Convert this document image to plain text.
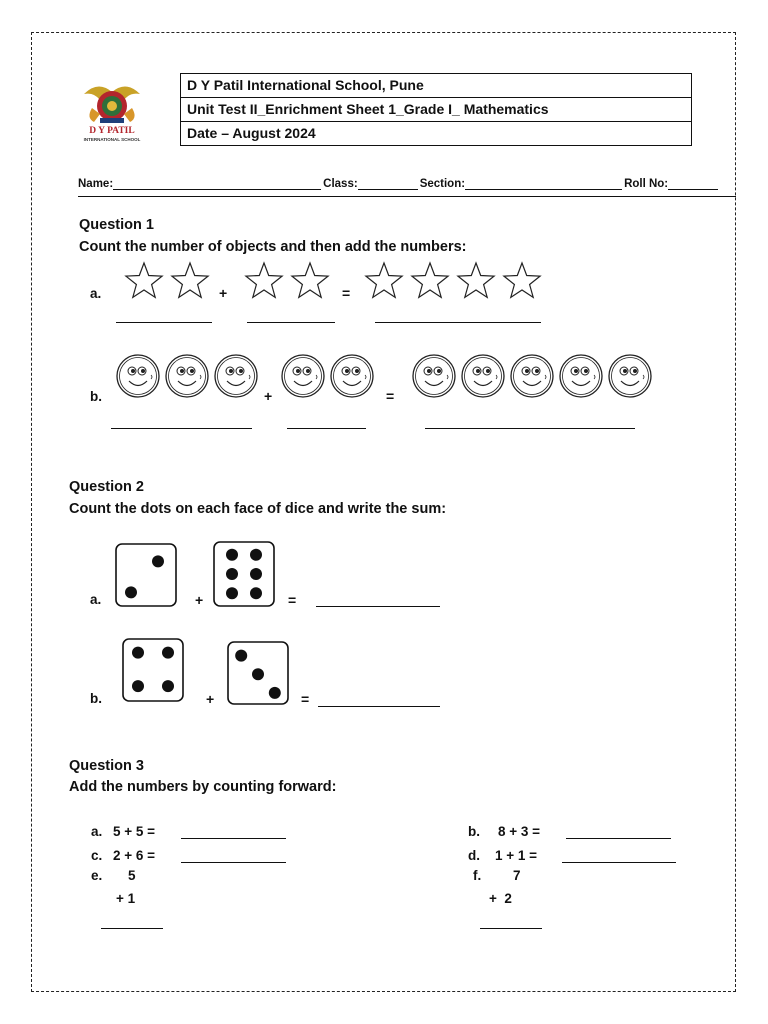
D Y PATIL
INTERNATIONAL SCHOOL
D Y Patil International School, Pune
Unit Test II_Enrichment Sheet 1_Grade I_ Mathematics
Date – August 2024
Name:	Class:	Section:	Roll No:
Question 1
Count the number of objects and then add the numbers:
a.	+	=
b.	+	=
Question 2
Count the dots on each face of dice and write the sum:
a.	+	=
b.	+	=
Question 3
Add the numbers by counting forward:
a. 5 + 5 =	b. 8 + 3 =
c. 2 + 6 =	d. 1 + 1 =
e. 5
+ 1
f. 7
+  2
